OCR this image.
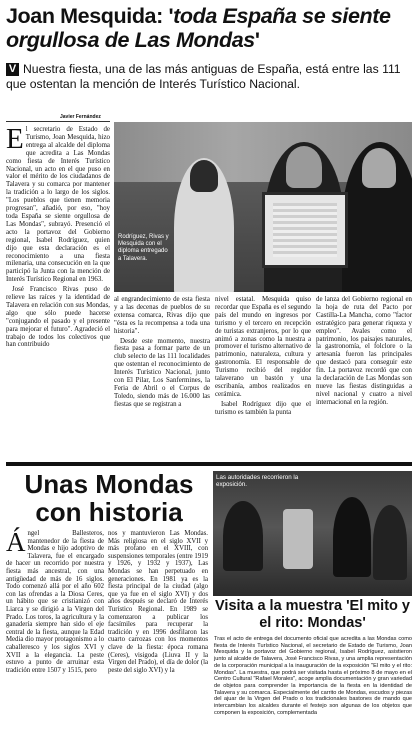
Joan Mesquida: 'toda España se siente orgullosa de Las Mondas'
V Nuestra fiesta, una de las más antiguas de España, está entre las 111 que ostentan la mención de Interés Turístico Nacional.
Javier Fernández

El secretario de Estado de Turismo, Joan Mesquida, hizo entrega al alcalde del diploma que acredita a Las Mondas como fiesta de Interés Turístico Nacional, un acto en el que puso en valor el mérito de los ciudadanos de Talavera y su comarca por mantener la tradición a lo largo de los siglos. "Los pueblos que tienen memoria progresan", añadió, por eso, "hoy toda España se siente orgullosa de Las Mondas", subrayó. Presenció el acto la portavoz del Gobierno regional, Isabel Rodríguez, quien dijo que esta declaración es el reconocimiento a una fiesta milenaria, una consecución en la que participó la Junta con la mención de Interés Turístico Regional en 1963.

José Francisco Rivas puso de relieve las raíces y la identidad de Talavera en relación con sus Mondas, algo que sólo puede hacerse "conjugando el pasado y el presente para mejorar el futuro". Agradeció el trabajo de todos los colectivos que han contribuido

Rodríguez, Rivas y Mesquida con el diploma entregado a Talavera.

al engrandecimiento de esta fiesta y a las decenas de pueblos de su extensa comarca, Rivas dijo que "ésta es la recompensa a toda una historia".

Desde este momento, nuestra fiesta pasa a formar parte de un club selecto de las 111 localidades que ostentan el reconocimiento de Interés Turístico Nacional, junto con El Pilar, Los Sanfermines, la Feria de Abril o el Corpus de Toledo, siendo más de 16.000 las fiestas que se registran a

nivel estatal. Mesquida quiso recordar que España es el segundo país del mundo en ingresos por turismo y el tercero en recepción de turistas extranjeros, por lo que animó a zonas como la nuestra a promover el turismo alternativo de patrimonio, naturaleza, cultura y gastronomía. El responsable de Turismo recibió del regidor talaverano un bastón y una escribanía, ambos realizados en cerámica.

Isabel Rodríguez dijo que el turismo es también la punta

de lanza del Gobierno regional en la hoja de ruta del Pacto por Castilla-La Mancha, como "factor estratégico para generar riqueza y empleo". Avales como el patrimonio, los paisajes naturales, la gastronomía, el folclore o la artesanía fueron las principales que destacó para conseguir este fin. La portavoz recordó que con la declaración de Las Mondas son nueve las fiestas distinguidas a nivel nacional y cuatro a nivel internacional en la región.

Unas Mondas con historia

Ángel Ballesteros, mantenedor de la fiesta de Mondas e hijo adoptivo de Talavera, fue el encargado de hacer un recorrido por nuestra fiesta más ancestral, con una antigüedad de más de 16 siglos. Todo comenzó allá por el año 602 con las ofrendas a la Diosa Ceres, un hábito que se cristianizó con Liarca y se dirigió a la Virgen del Prado. Los toros, la agricultura y la ganadería siempre han sido el eje central de la fiesta, aunque la Edad Media dio mayor protagonismo a lo caballeresco y los siglos XVI y XVII a la elegancia. La peste estuvo a punto de arruinar esta tradición entre 1507 y 1515, pero

nos y mantuvieron Las Mondas. Más religiosa en el siglo XVII y más profano en el XVIII, con suspensiones temporales (entre 1919 y 1926, y 1932 y 1937), Las Mondas se han perpetuado en generaciones. En 1981 ya es la fiesta principal de la ciudad (algo que ya fue en el siglo XVI) y dos años después se declaró de Interés Turístico Regional. En 1989 se comenzaron a publicar los facsímiles para recuperar la tradición y en 1996 desfilaron las cuarto carrozas con los momentos clave de la fiesta: época romana (Ceres), visigoda (Liuva II y la Virgen del Prado), el día de dolor (la peste del siglo XVI) y la

Las autoridades recorrieron la exposición.
Visita a la muestra 'El mito y el rito: Mondas'
Tras el acto de entrega del documento oficial que acredita a las Mondas como fiesta de Interés Turístico Nacional, el secretario de Estado de Turismo, Joan Mesquida y la portavoz del Gobierno regional, Isabel Rodríguez, asistieron junto al alcalde de Talavera, José Francisco Rivas, y una amplia representación de la corporación municipal a la inauguración de la exposición "El mito y el rito: Mondas". La muestra, que podrá ser visitada hasta el próximo 8 de mayo en el Centro Cultural "Rafael Morales", acoge amplia documentación y gran variedad de objetos para comprender la importancia de la fiesta en la identidad de Talavera y su comarca. Especialmente del carrito de Mondas, escudos y piezas del ajuar de la Virgen del Prado o los tradicionales bastones de mando que intercambian los alcaldes durante el festejo son algunas de los objetos que componen la exposición, complementada
